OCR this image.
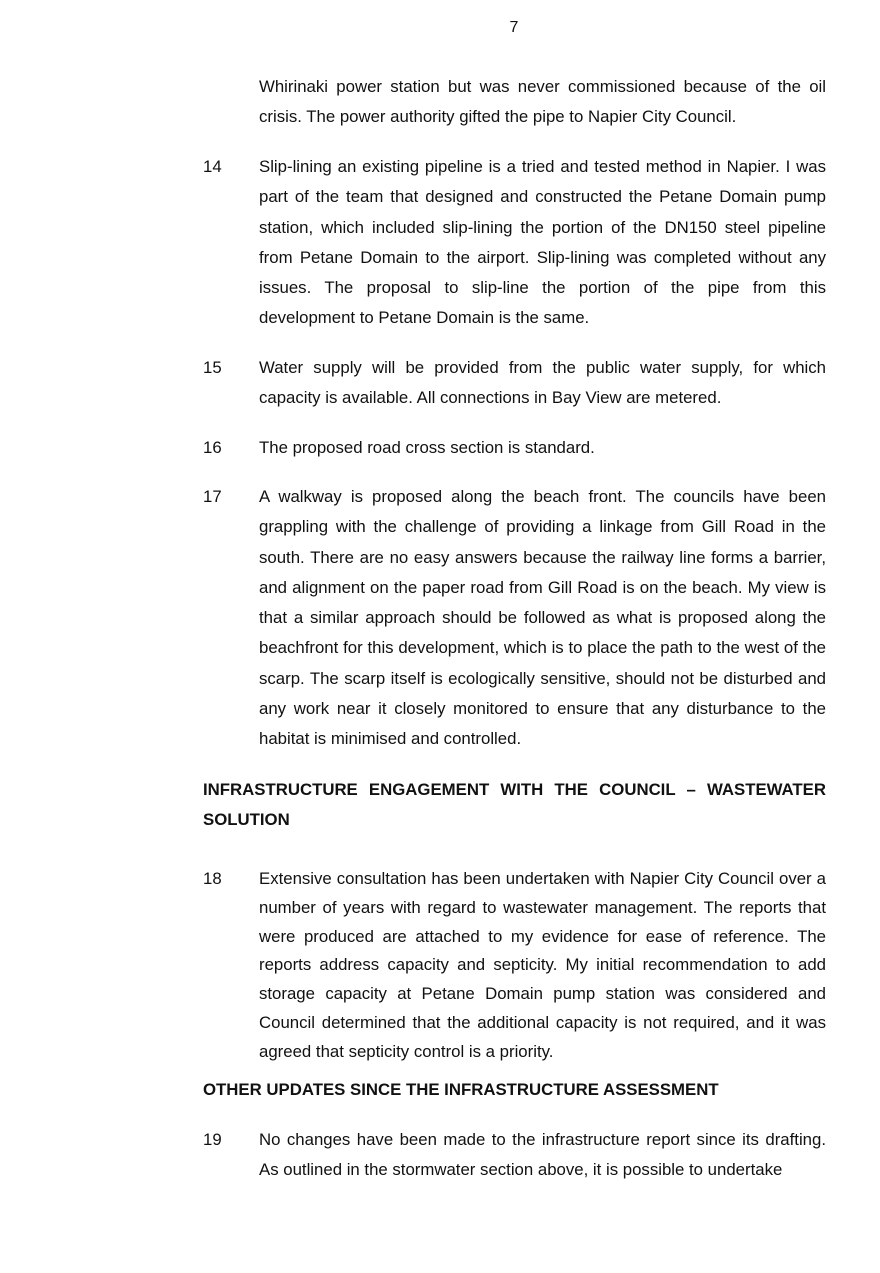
7

Whirinaki power station but was never commissioned because of the oil crisis. The power authority gifted the pipe to Napier City Council.

14 Slip-lining an existing pipeline is a tried and tested method in Napier. I was part of the team that designed and constructed the Petane Domain pump station, which included slip-lining the portion of the DN150 steel pipeline from Petane Domain to the airport. Slip-lining was completed without any issues. The proposal to slip-line the portion of the pipe from this development to Petane Domain is the same.

15 Water supply will be provided from the public water supply, for which capacity is available. All connections in Bay View are metered.

16 The proposed road cross section is standard.

17 A walkway is proposed along the beach front. The councils have been grappling with the challenge of providing a linkage from Gill Road in the south. There are no easy answers because the railway line forms a barrier, and alignment on the paper road from Gill Road is on the beach. My view is that a similar approach should be followed as what is proposed along the beachfront for this development, which is to place the path to the west of the scarp. The scarp itself is ecologically sensitive, should not be disturbed and any work near it closely monitored to ensure that any disturbance to the habitat is minimised and controlled.

INFRASTRUCTURE ENGAGEMENT WITH THE COUNCIL – WASTEWATER SOLUTION
18 Extensive consultation has been undertaken with Napier City Council over a number of years with regard to wastewater management. The reports that were produced are attached to my evidence for ease of reference. The reports address capacity and septicity. My initial recommendation to add storage capacity at Petane Domain pump station was considered and Council determined that the additional capacity is not required, and it was agreed that septicity control is a priority.

OTHER UPDATES SINCE THE INFRASTRUCTURE ASSESSMENT
19 No changes have been made to the infrastructure report since its drafting. As outlined in the stormwater section above, it is possible to undertake
